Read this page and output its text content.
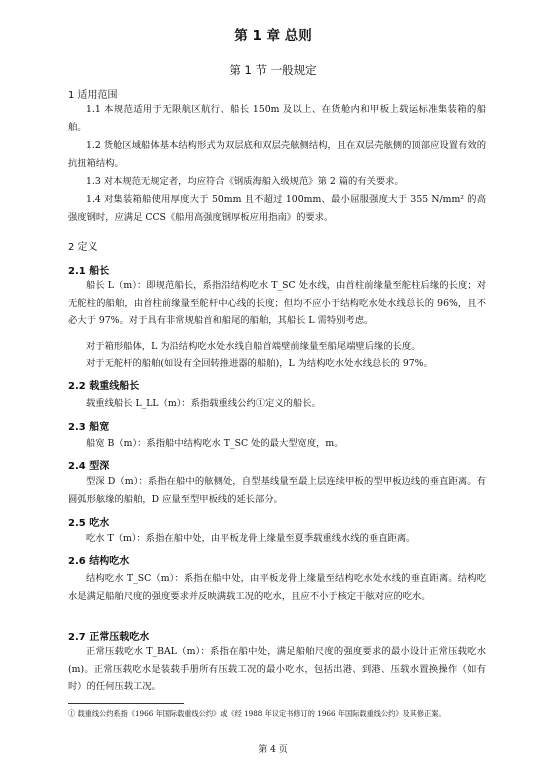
第 1 章 总则
第 1 节 一般规定
1 适用范围
1.1 本规范适用于无限航区航行、船长 150m 及以上、在货舱内和甲板上载运标准集装箱的船舶。
1.2 货舱区域船体基本结构形式为双层底和双层壳舷侧结构，且在双层壳舷侧的顶部应设置有效的抗扭箱结构。
1.3 对本规范无规定者，均应符合《钢质海船入级规范》第 2 篇的有关要求。
1.4 对集装箱船使用厚度大于 50mm 且不超过 100mm、最小屈服强度大于 355 N/mm² 的高强度钢时，应满足 CCS《船用高强度钢厚板应用指南》的要求。
2 定义
2.1 船长
船长 L（m）：即规范船长，系指沿结构吃水 T_SC 处水线，由首柱前缘量至舵柱后缘的长度；对无舵柱的船舶，由首柱前缘量至舵杆中心线的长度；但均不应小于结构吃水处水线总长的 96%，且不必大于 97%。对于具有非常规船首和船尾的船舶，其船长 L 需特别考虑。
对于箱形船体，L 为沿结构吃水处水线自船首端壁前缘量至船尾端壁后缘的长度。
对于无舵杆的船舶(如设有全回转推进器的船舶)，L 为结构吃水处水线总长的 97%。
2.2 载重线船长
载重线船长 L_LL（m）：系指载重线公约①定义的船长。
2.3 船宽
船宽 B（m）：系指船中结构吃水 T_SC 处的最大型宽度，m。
2.4 型深
型深 D（m）：系指在船中的舷侧处，自型基线量至最上层连续甲板的型甲板边线的垂直距离。有圆弧形舷缘的船舶，D 应量至型甲板线的延长部分。
2.5 吃水
吃水 T（m）：系指在船中处，由平板龙骨上缘量至夏季载重线水线的垂直距离。
2.6 结构吃水
结构吃水 T_SC（m）：系指在船中处，由平板龙骨上缘量至结构吃水处水线的垂直距离。结构吃水是满足船舶尺度的强度要求并反映满载工况的吃水，且应不小于核定干舷对应的吃水。
2.7 正常压载吃水
正常压载吃水 T_BAL（m）：系指在船中处，满足船舶尺度的强度要求的最小设计正常压载吃水(m)。正常压载吃水是装载手册所有压载工况的最小吃水，包括出港、到港、压载水置换操作（如有时）的任何压载工况。
① 载重线公约系指《1966 年国际载重线公约》或《经 1988 年议定书修订的 1966 年国际载重线公约》及其修正案。
第 4 页
